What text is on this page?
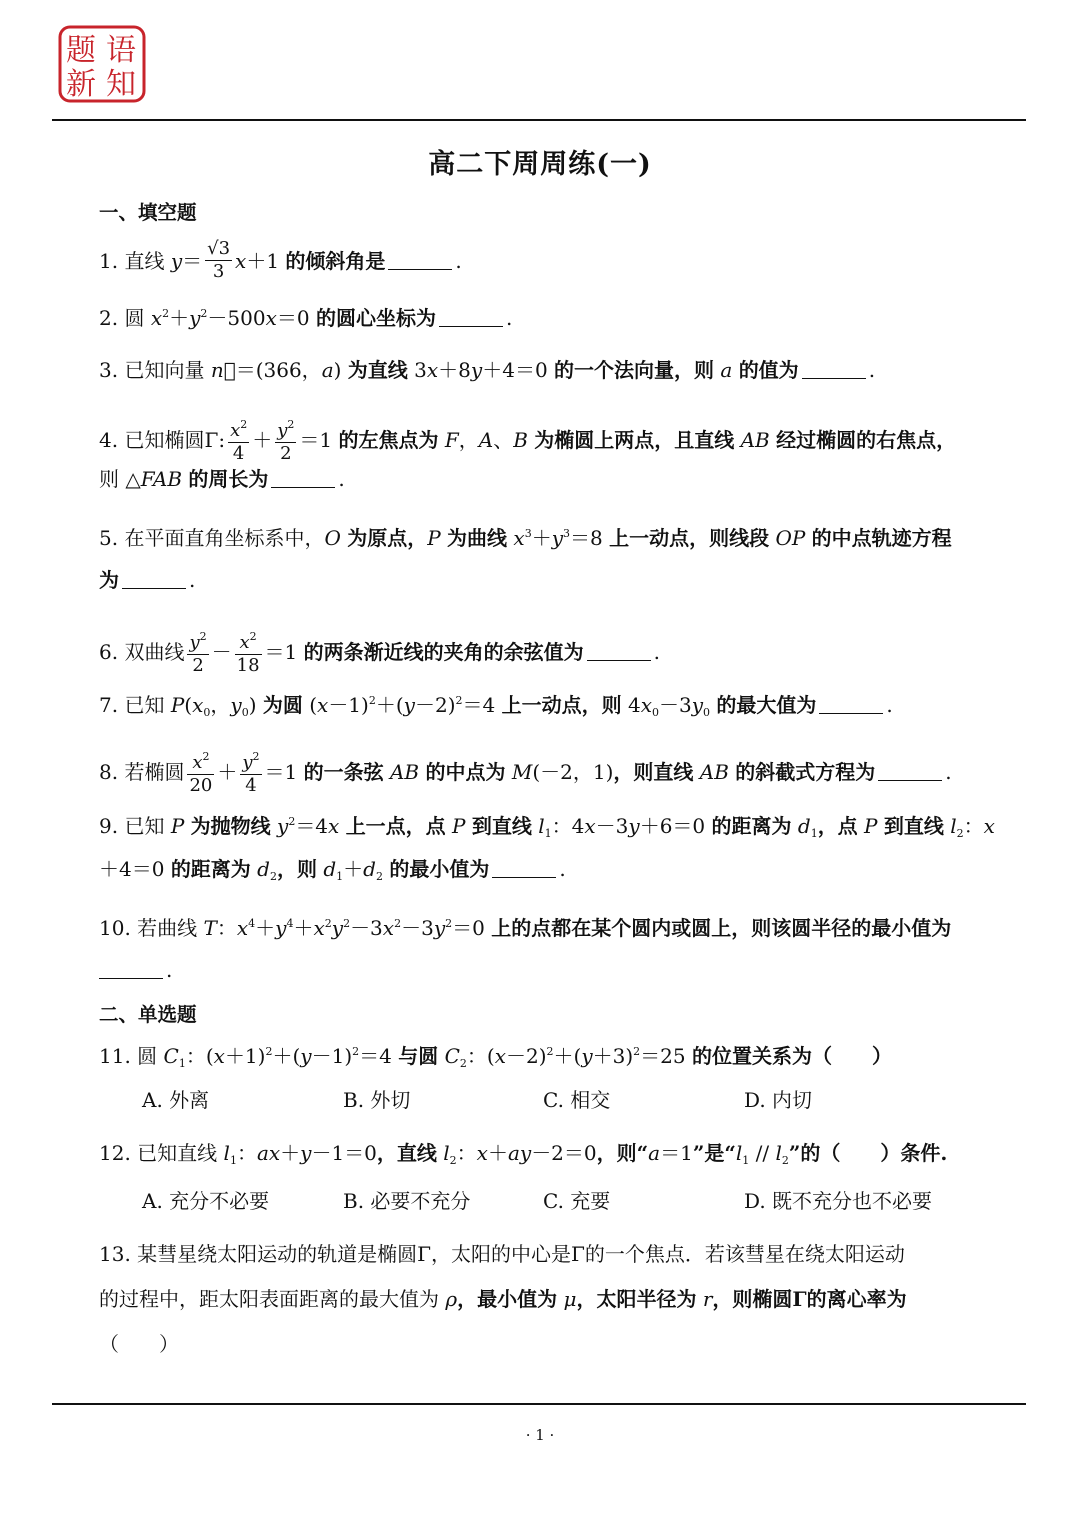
题 语
新 知
高二下周周练(一)
一、填空题
1. 直线 $y= \frac{√3}{3} x+1$ 的倾斜角是	.
2. 圆 $x^2+y^2-500x=0$ 的圆心坐标为	.
3. 已知向量 n⃗＝(366，a) 为直线 3x＋8y＋4＝0 的一个法向量，则 a 的值为	.
4. 已知椭圆Γ: $\frac{x^2}{4} + \frac{y^2}{2} =1$ 的左焦点为 F，A、B 为椭圆上两点，且直线 AB 经过椭圆的右焦点，
则 △FAB 的周长为	.
5. 在平面直角坐标系中，O 为原点，P 为曲线 $x^3+y^3=8$ 上一动点，则线段 OP 的中点轨迹方程
为	.
6. 双曲线 $\frac{y^2}{2} - \frac{x^2}{18} =1$ 的两条渐近线的夹角的余弦值为	.
7. 已知 $P(x_0$，$y_0$) 为圆 $(x-1)^2+(y-2)^2=4$ 上一动点，则 $4x_0-3y_0$ 的最大值为	.
8. 若椭圆 $\frac{x^2}{20} + \frac{y^2}{4} =1$ 的一条弦 AB 的中点为 M(－2，1)，则直线 AB 的斜截式方程为	.
9. 已知 P 为抛物线 $y^2=4x$ 上一点，点 P 到直线 $l_1$：4x－3y＋6＝0 的距离为 $d_1$，点 P 到直线 $l_2$：x
＋4＝0 的距离为 $d_2$，则 $d_1+d_2$ 的最小值为	.
10. 若曲线 T：$x^4+y^4+x^2y^2-3x^2-3y^2=0$ 上的点都在某个圆内或圆上，则该圆半径的最小值为
.
二、单选题
11. 圆 $C_1$：$(x+1)^2+(y-1)^2=4$ 与圆 $C_2$：$(x-2)^2+(y+3)^2=25$ 的位置关系为（　　）
A. 外离	B. 外切	C. 相交	D. 内切
12. 已知直线 $l_1$：ax＋y－1＝0，直线 $l_2$：x＋ay－2＝0，则“a＝1”是“$l_1 // l_2$”的（　　）条件.
A. 充分不必要	B. 必要不充分	C. 充要	D. 既不充分也不必要
13. 某彗星绕太阳运动的轨道是椭圆Γ，太阳的中心是Γ的一个焦点．若该彗星在绕太阳运动
的过程中，距太阳表面距离的最大值为 ρ，最小值为 μ，太阳半径为 r，则椭圆Γ的离心率为
（　　）
· 1 ·
